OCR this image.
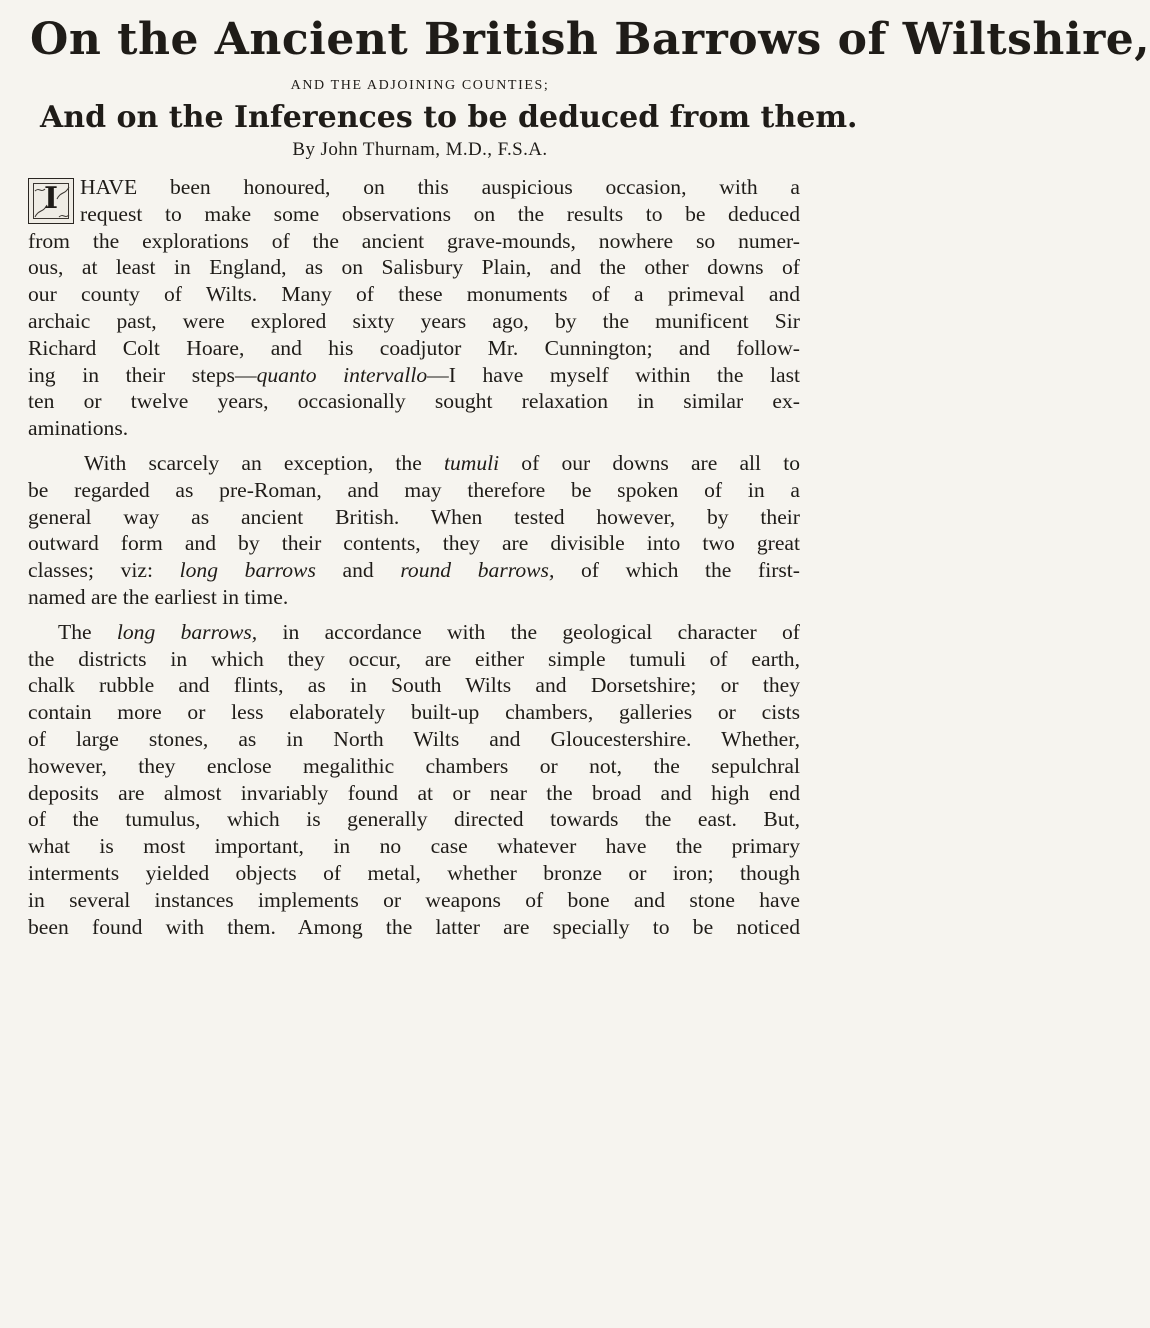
On the Ancient British Barrows of Wiltshire,
AND THE ADJOINING COUNTIES;
And on the Inferences to be deduced from them.
By John Thurnam, M.D., F.S.A.
I	HAVE been honoured, on this auspicious occasion, with a
request to make some observations on the results to be deduced
from the explorations of the ancient grave-mounds, nowhere so numer-
ous, at least in England, as on Salisbury Plain, and the other downs of
our county of Wilts. Many of these monuments of a primeval and
archaic past, were explored sixty years ago, by the munificent Sir
Richard Colt Hoare, and his coadjutor Mr. Cunnington; and follow-
ing in their steps—quanto intervallo—I have myself within the last
ten or twelve years, occasionally sought relaxation in similar ex-
aminations.
With scarcely an exception, the tumuli of our downs are all to
be regarded as pre-Roman, and may therefore be spoken of in a
general way as ancient British. When tested however, by their
outward form and by their contents, they are divisible into two great
classes; viz: long barrows and round barrows, of which the first-
named are the earliest in time.
The long barrows, in accordance with the geological character of
the districts in which they occur, are either simple tumuli of earth,
chalk rubble and flints, as in South Wilts and Dorsetshire; or they
contain more or less elaborately built-up chambers, galleries or cists
of large stones, as in North Wilts and Gloucestershire. Whether,
however, they enclose megalithic chambers or not, the sepulchral
deposits are almost invariably found at or near the broad and high end
of the tumulus, which is generally directed towards the east. But,
what is most important, in no case whatever have the primary
interments yielded objects of metal, whether bronze or iron; though
in several instances implements or weapons of bone and stone have
been found with them. Among the latter are specially to be noticed
